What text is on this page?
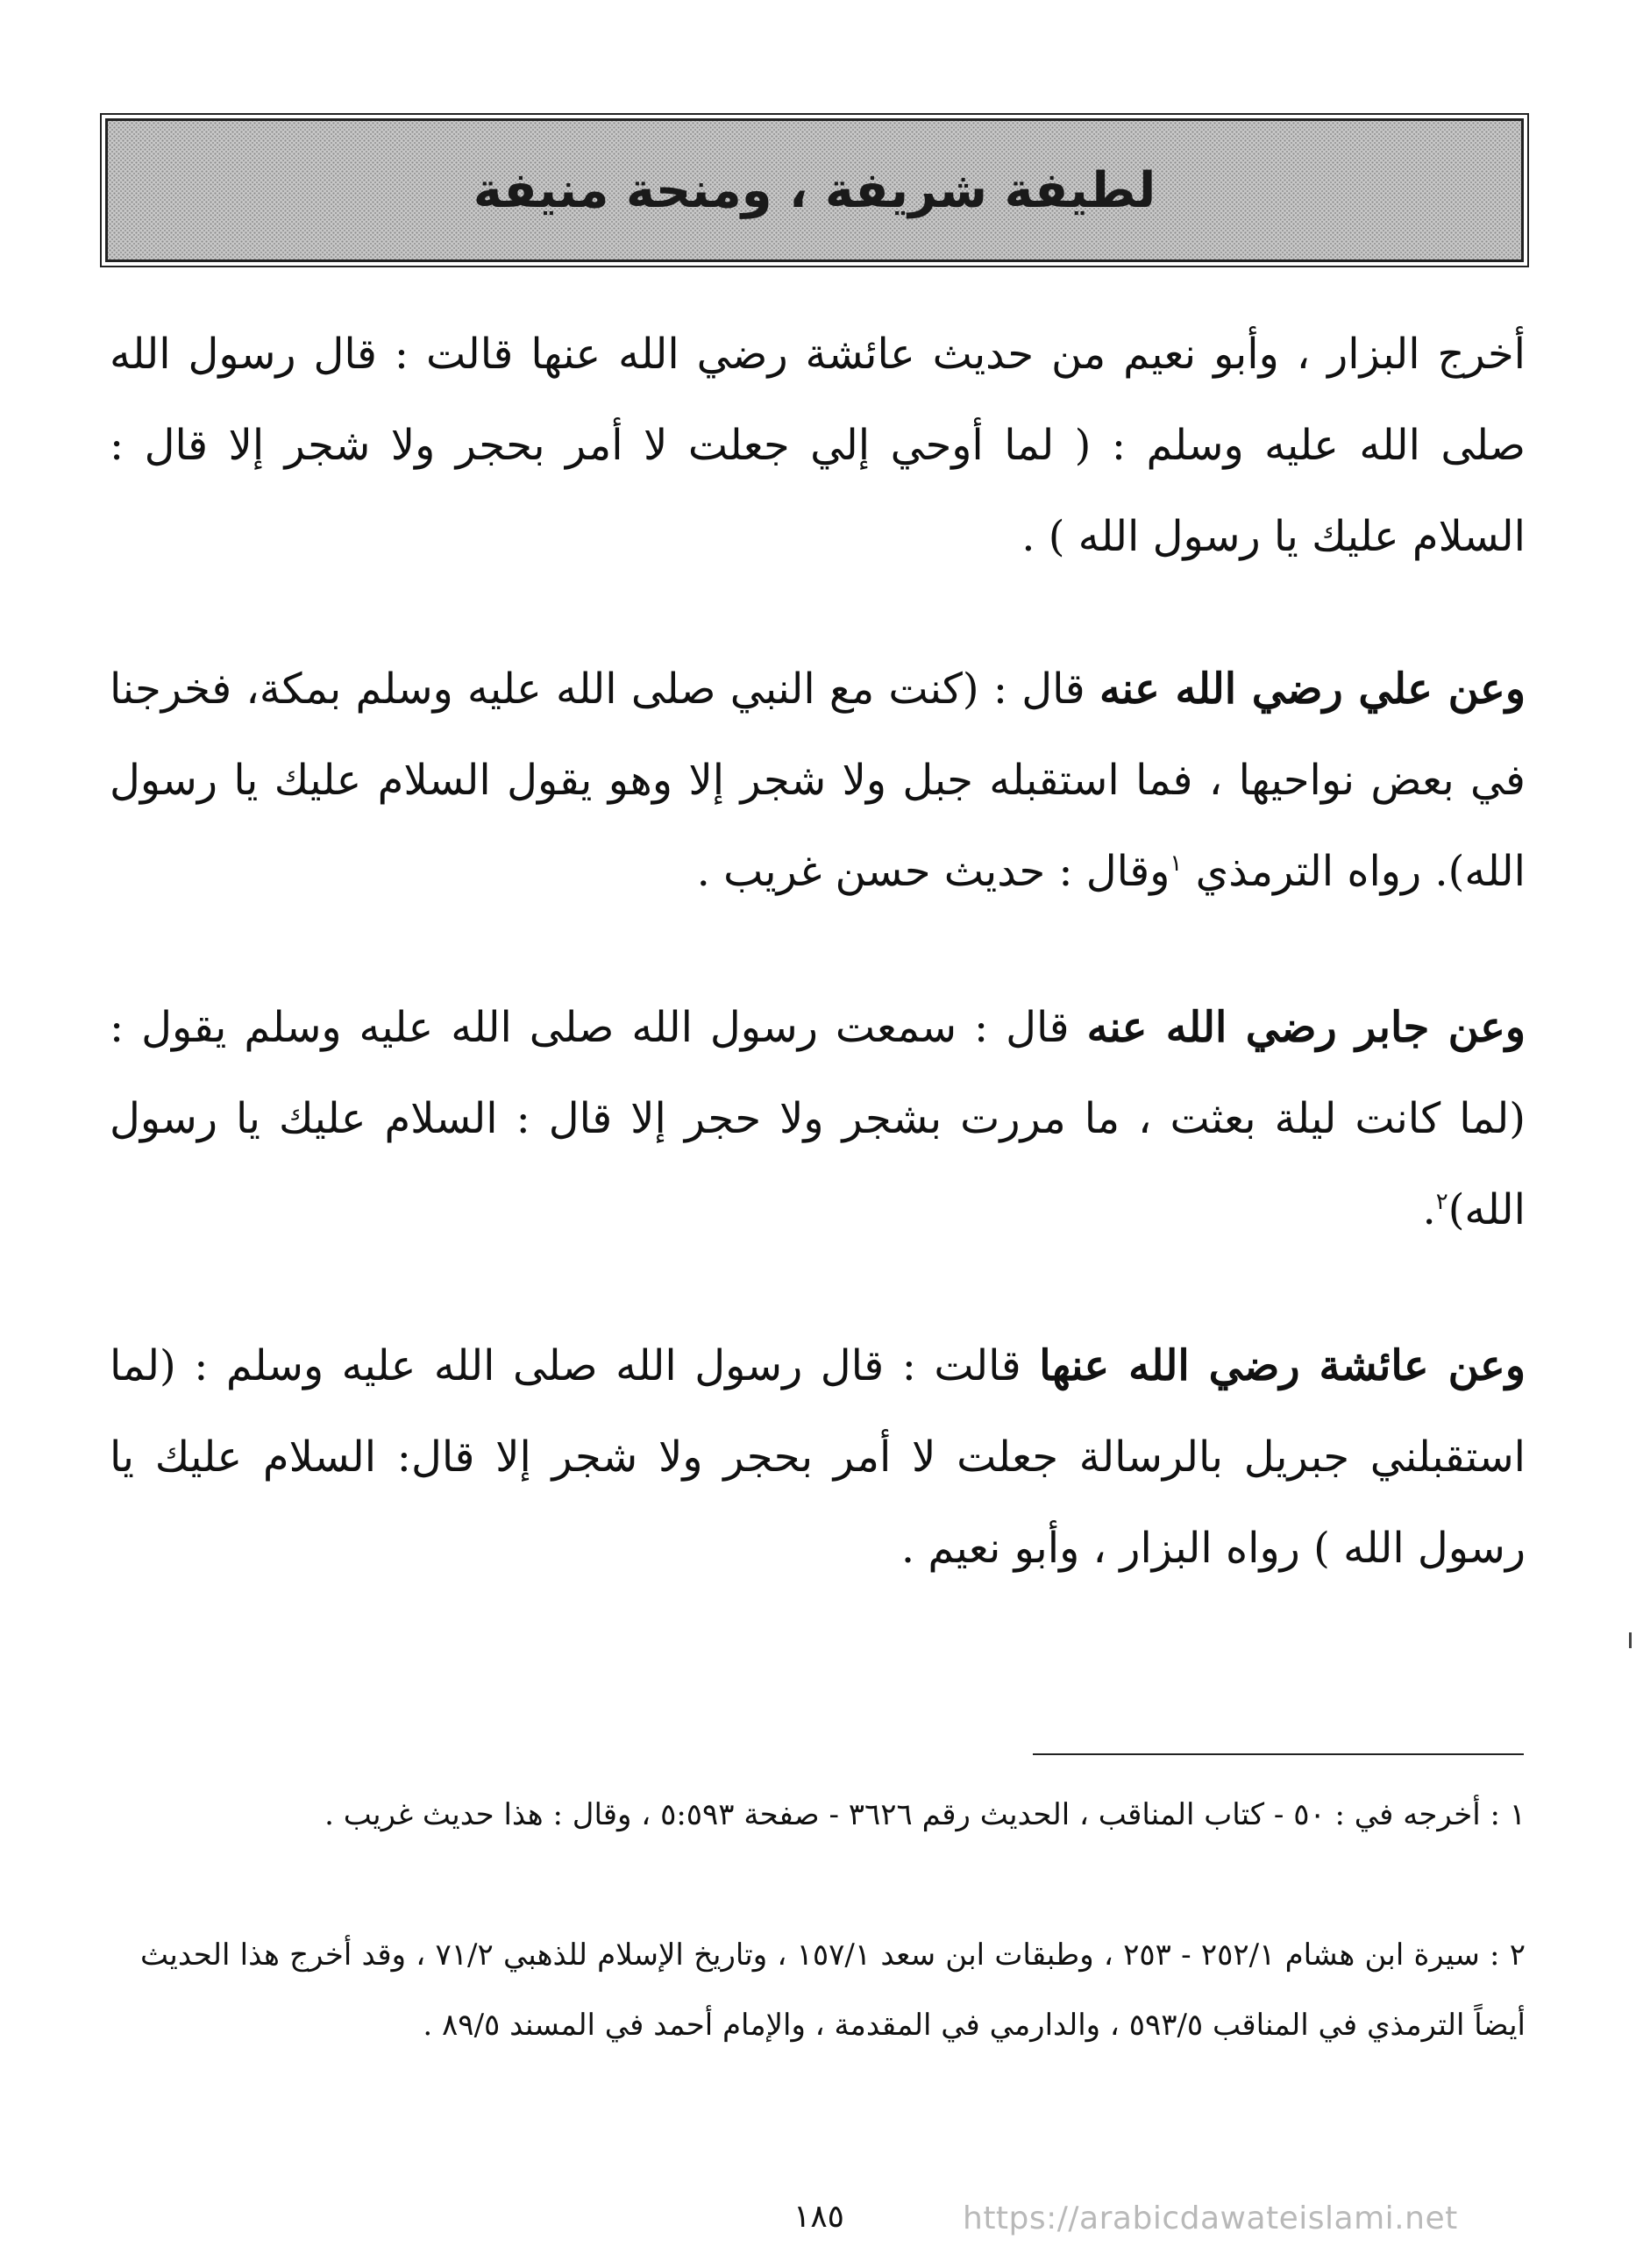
لطيفة شريفة ، ومنحة منيفة
أخرج البزار ، وأبو نعيم من حديث عائشة رضي الله عنها قالت : قال رسول الله صلى الله عليه وسلم : ( لما أوحي إلي جعلت لا أمر بحجر ولا شجر إلا قال : السلام عليك يا رسول الله ) .
وعن علي رضي الله عنه قال : (كنت مع النبي صلى الله عليه وسلم بمكة، فخرجنا في بعض نواحيها ، فما استقبله جبل ولا شجر إلا وهو يقول السلام عليك يا رسول الله). رواه الترمذي $^١$وقال : حديث حسن غريب .
وعن جابر رضي الله عنه قال : سمعت رسول الله صلى الله عليه وسلم يقول : (لما كانت ليلة بعثت ، ما مررت بشجر ولا حجر إلا قال : السلام عليك يا رسول الله)$^٢$.
وعن عائشة رضي الله عنها قالت : قال رسول الله صلى الله عليه وسلم : (لما استقبلني جبريل بالرسالة جعلت لا أمر بحجر ولا شجر إلا قال: السلام عليك يا رسول الله ) رواه البزار ، وأبو نعيم .
١ : أخرجه في : ٥٠ - كتاب المناقب ، الحديث رقم ٣٦٢٦ - صفحة ٥:٥٩٣ ، وقال : هذا حديث غريب .
٢ : سيرة ابن هشام ٢٥٢/١ - ٢٥٣ ، وطبقات ابن سعد ١٥٧/١ ، وتاريخ الإسلام للذهبي ٧١/٢ ، وقد أخرج هذا الحديث أيضاً الترمذي في المناقب ٥٩٣/٥ ، والدارمي في المقدمة ، والإمام أحمد في المسند ٨٩/٥ .
١٨٥	https://arabicdawateislami.net
